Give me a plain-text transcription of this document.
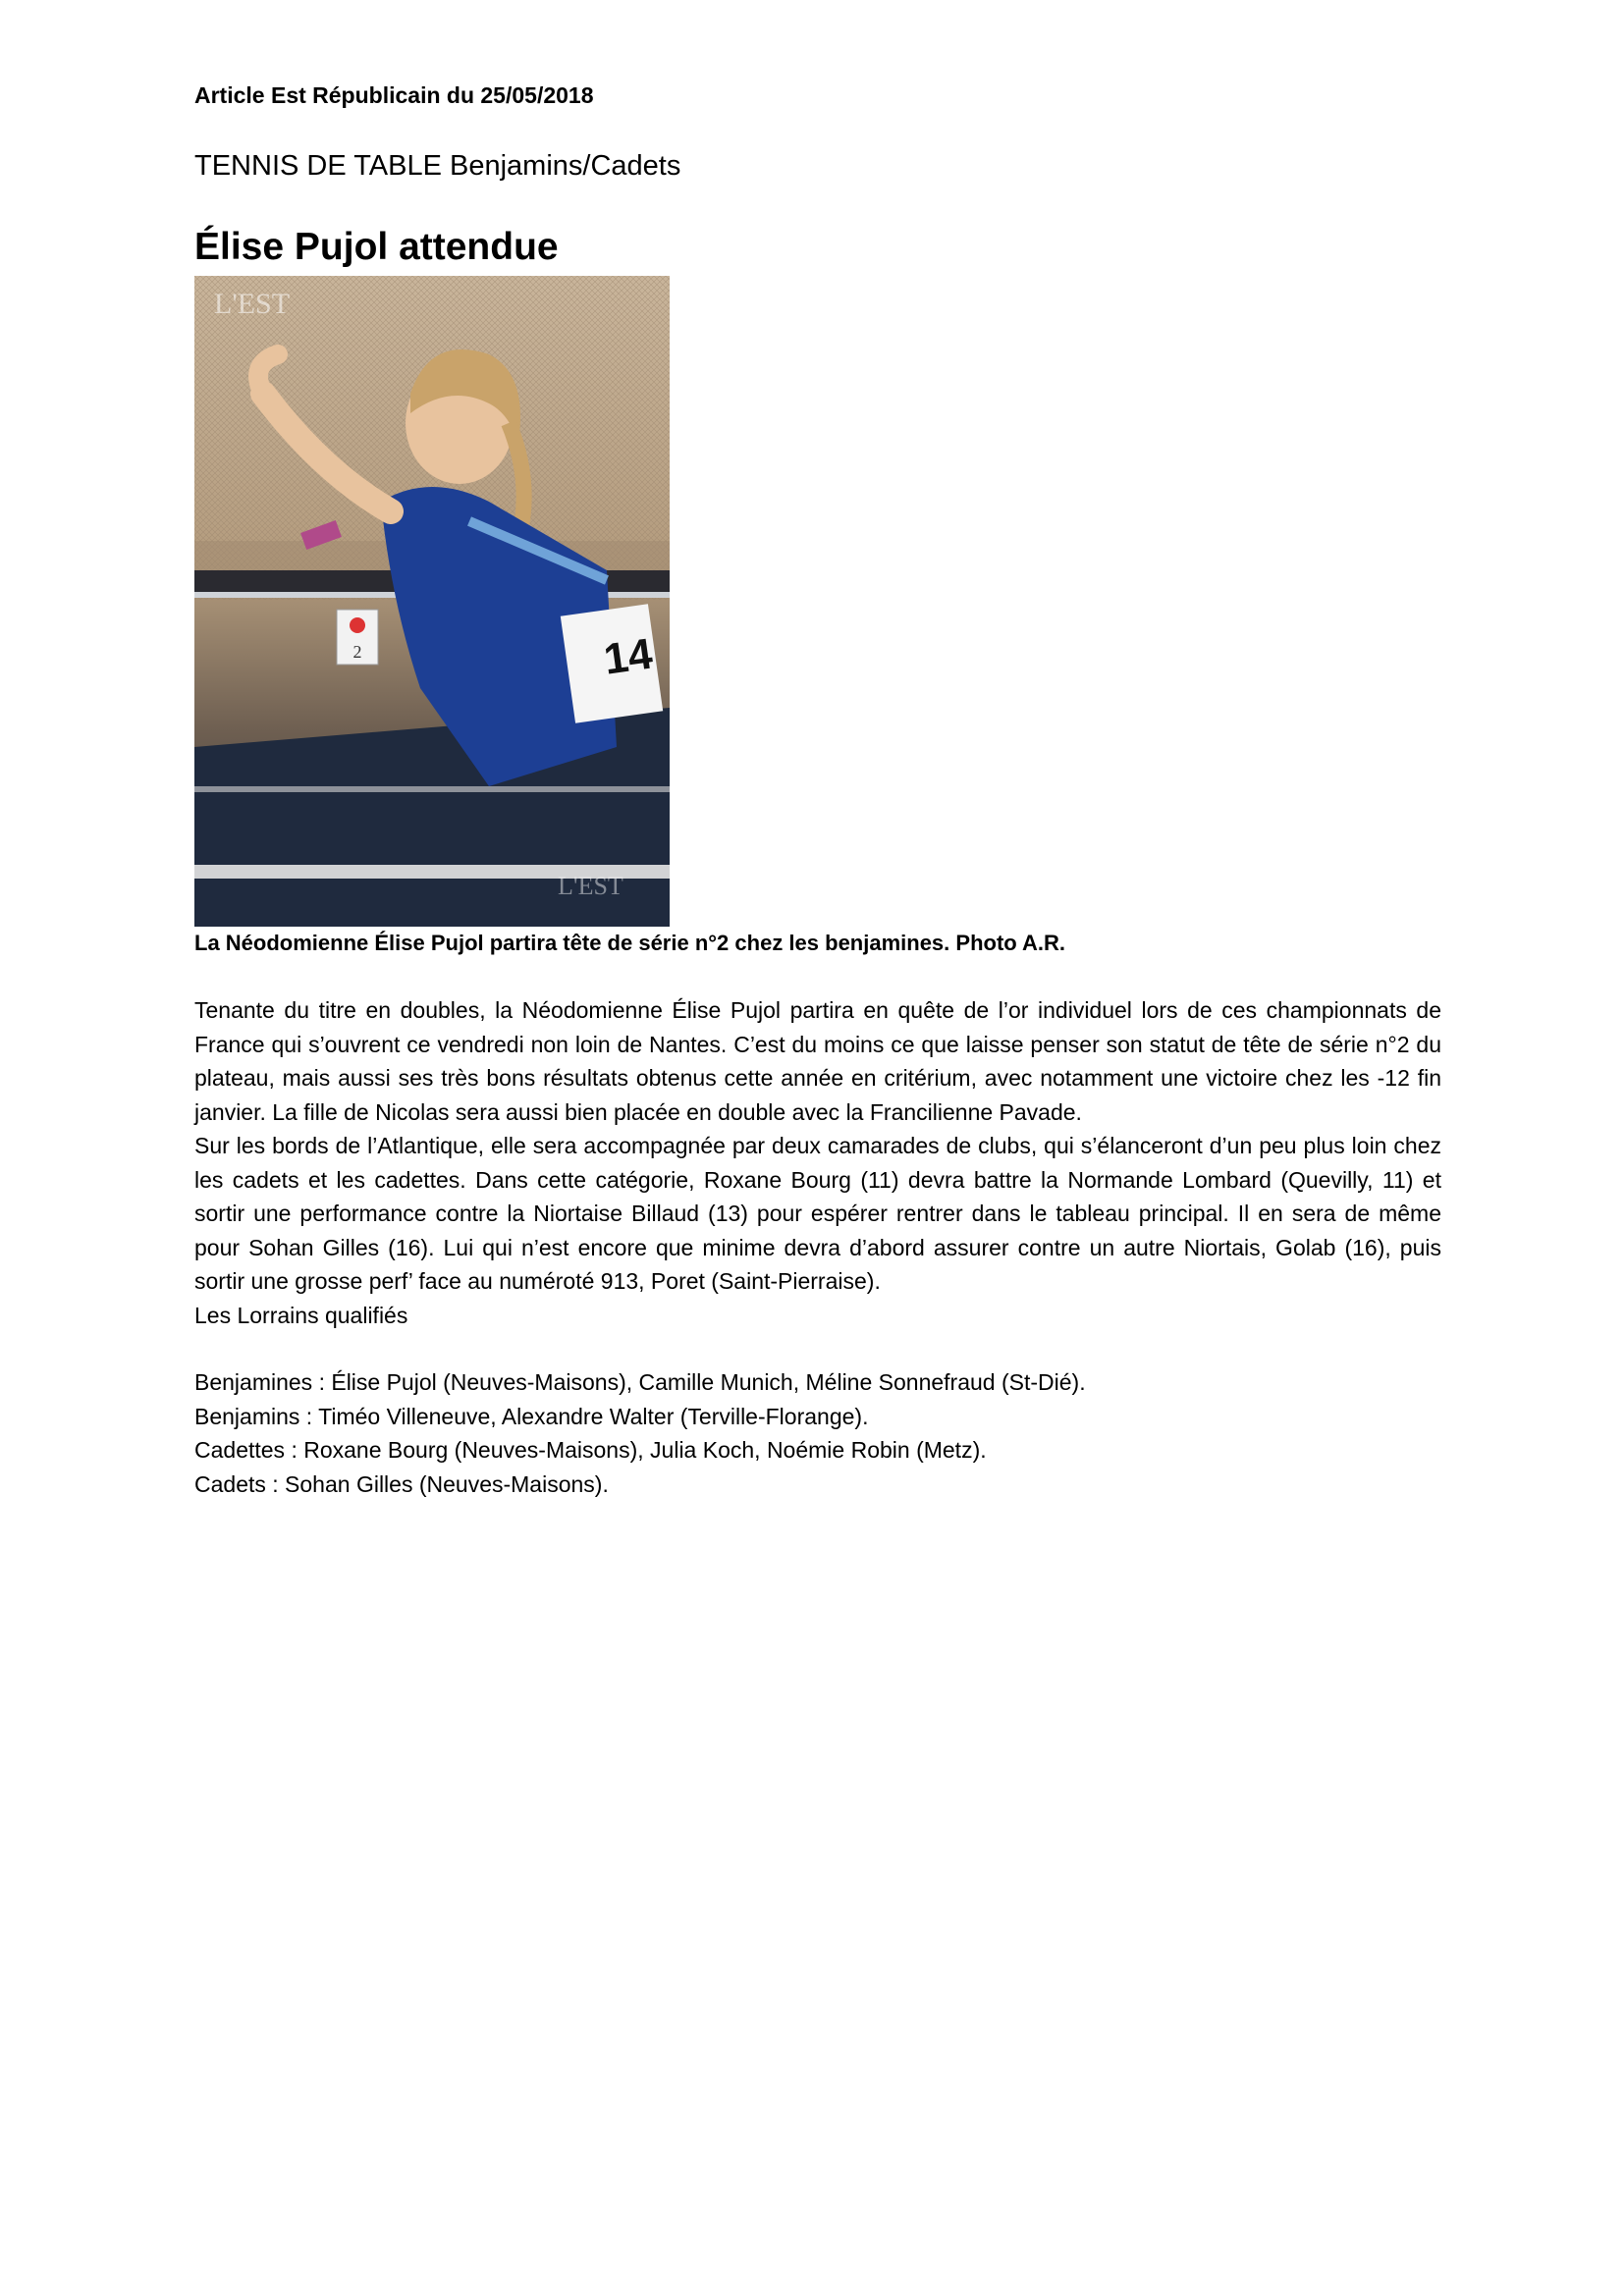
Article Est Républicain du 25/05/2018
TENNIS DE TABLE Benjamins/Cadets
Élise Pujol attendue
2	14
L'EST
L'EST
La Néodomienne Élise Pujol partira tête de série n°2 chez les benjamines. Photo A.R.

Tenante du titre en doubles, la Néodomienne Élise Pujol partira en quête de l’or individuel lors de ces championnats de France qui s’ouvrent ce vendredi non loin de Nantes. C’est du moins ce que laisse penser son statut de tête de série n°2 du plateau, mais aussi ses très bons résultats obtenus cette année en critérium, avec notamment une victoire chez les -12 fin janvier. La fille de Nicolas sera aussi bien placée en double avec la Francilienne Pavade.

Sur les bords de l’Atlantique, elle sera accompagnée par deux camarades de clubs, qui s’élanceront d’un peu plus loin chez les cadets et les cadettes. Dans cette catégorie, Roxane Bourg (11) devra battre la Normande Lombard (Quevilly, 11) et sortir une performance contre la Niortaise Billaud (13) pour espérer rentrer dans le tableau principal. Il en sera de même pour Sohan Gilles (16). Lui qui n’est encore que minime devra d’abord assurer contre un autre Niortais, Golab (16), puis sortir une grosse perf’ face au numéroté 913, Poret (Saint-Pierraise).

Les Lorrains qualifiés

Benjamines : Élise Pujol (Neuves-Maisons), Camille Munich, Méline Sonnefraud (St-Dié).
Benjamins : Timéo Villeneuve, Alexandre Walter (Terville-Florange).
Cadettes : Roxane Bourg (Neuves-Maisons), Julia Koch, Noémie Robin (Metz).
Cadets : Sohan Gilles (Neuves-Maisons).
